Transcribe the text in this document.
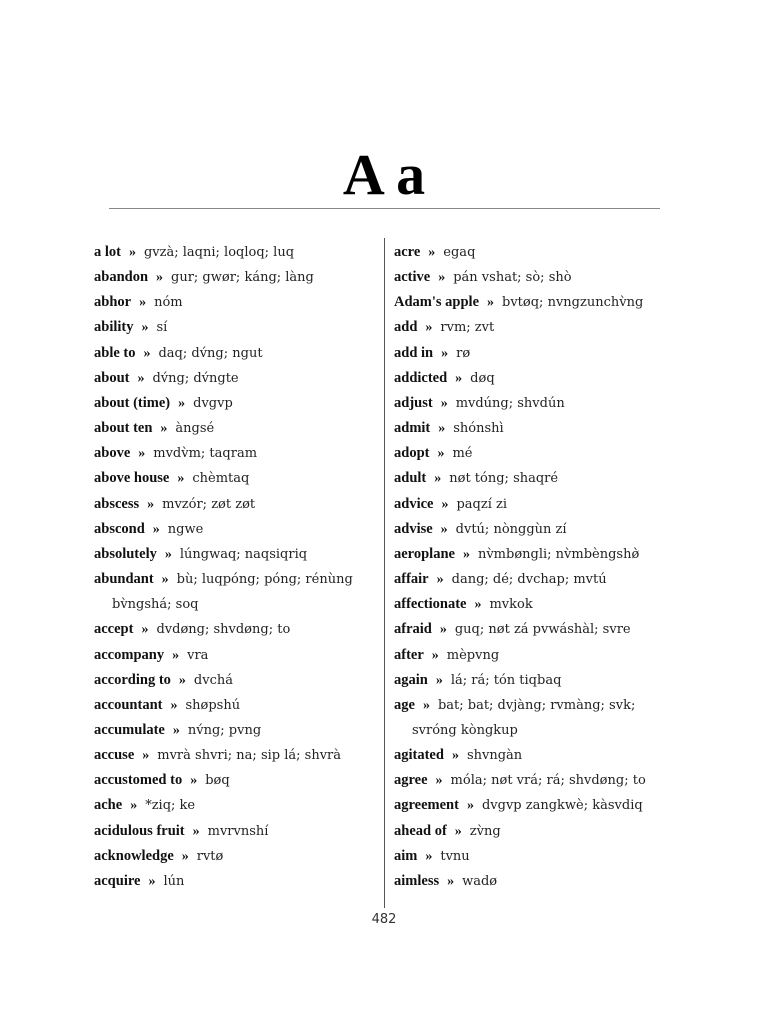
A a
a lot » gvzà; laqni; loqloq; luq
abandon » gur; gwør; káng; làng
abhor » nóm
ability » sí
able to » daq; dv́ng; ngut
about » dv́ng; dv́ngte
about (time) » dvgvp
about ten » àngsé
above » mvdv̀m; taqram
above house » chèmtaq
abscess » mvzór; zøt zøt
abscond » ngwe
absolutely » lúngwaq; naqsiqriq
abundant » bù; luqpóng; póng; rénùng
bv̀ngshá; soq
accept » dvdøng; shvdøng; to
accompany » vra
according to » dvchá
accountant » shøpshú
accumulate » nv́ng; pvng
accuse » mvrà shvri; na; sip lá; shvrà
accustomed to » bøq
ache » *ziq; ke
acidulous fruit » mvrvnshí
acknowledge » rvtø
acquire » lún
acre » egaq
active » pán vshat; sò; shò
Adam's apple » bvtøq; nvngzunchv̀ng
add » rvm; zvt
add in » rø
addicted » døq
adjust » mvdúng; shvdún
admit » shónshì
adopt » mé
adult » nøt tóng; shaqré
advice » paqzí zi
advise » dvtú; nònggùn zí
aeroplane » nv̀mbøngli; nv̀mbèngshø̀
affair » dang; dé; dvchap; mvtú
affectionate » mvkok
afraid » guq; nøt zá pvwáshàl; svre
after » mèpvng
again » lá; rá; tón tiqbaq
age » bat; bat; dvjàng; rvmàng; svk;
svróng kòngkup
agitated » shvngàn
agree » móla; nøt vrá; rá; shvdøng; to
agreement » dvgvp zangkwè; kàsvdiq
ahead of » zv̀ng
aim » tvnu
aimless » wadø
482
